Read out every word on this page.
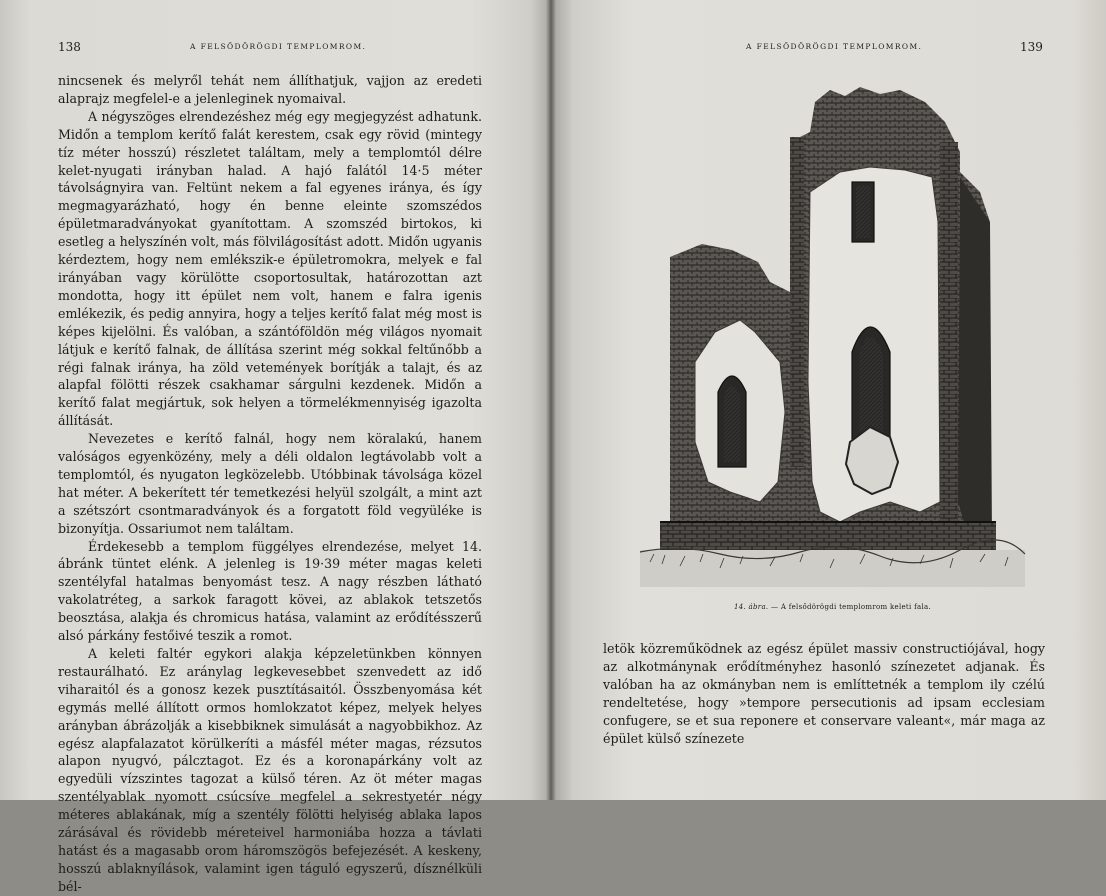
138	A FELSŐDÖRÖGDI TEMPLOMROM.

nincsenek és melyről tehát nem állíthatjuk, vajjon az eredeti alaprajz megfelel-e a jelenleginek nyomaival.

A négyszöges elrendezéshez még egy megjegyzést adhatunk. Midőn a templom kerítő falát kerestem, csak egy rövid (mintegy tíz méter hosszú) részletet találtam, mely a templomtól délre kelet-nyugati irányban halad. A hajó falától 14·5 méter távolságnyira van. Feltünt nekem a fal egyenes iránya, és így megmagyarázható, hogy én benne eleinte szomszédos épületmaradványokat gyanítottam. A szomszéd birtokos, ki esetleg a helyszínén volt, más fölvilágosítást adott. Midőn ugyanis kérdeztem, hogy nem emlékszik-e épületromokra, melyek e fal irányában vagy körülötte csoportosultak, határozottan azt mondotta, hogy itt épület nem volt, hanem e falra igenis emlékezik, és pedig annyira, hogy a teljes kerítő falat még most is képes kijelölni. És valóban, a szántóföldön még világos nyomait látjuk e kerítő falnak, de állítása szerint még sokkal feltűnőbb a régi falnak iránya, ha zöld vetemények borítják a talajt, és az alapfal fölötti részek csakhamar sárgulni kezdenek. Midőn a kerítő falat megjártuk, sok helyen a törmelékmennyiség igazolta állítását.

Nevezetes e kerítő falnál, hogy nem köralakú, hanem valóságos egyenközény, mely a déli oldalon legtávolabb volt a templomtól, és nyugaton legközelebb. Utóbbinak távolsága közel hat méter. A bekerített tér temetkezési helyül szolgált, a mint azt a szétszórt csontmaradványok és a forgatott föld vegyüléke is bizonyítja. Ossariumot nem találtam.

Érdekesebb a templom függélyes elrendezése, melyet 14. ábránk tüntet elénk. A jelenleg is 19·39 méter magas keleti szentélyfal hatalmas benyomást tesz. A nagy részben látható vakolatréteg, a sarkok faragott kövei, az ablakok tetszetős beosztása, alakja és chromicus hatása, valamint az erődítésszerű alsó párkány festőivé teszik a romot.

A keleti faltér egykori alakja képzeletünkben könnyen restaurálható. Ez aránylag legkevesebbet szenvedett az idő viharaitól és a gonosz kezek pusztításaitól. Összbenyomása két egymás mellé állított ormos homlokzatot képez, melyek helyes arányban ábrázolják a kisebbiknek simulását a nagyobbikhoz. Az egész alapfalazatot körülkeríti a másfél méter magas, rézsutos alapon nyugvó, pálcztagot. Ez és a koronapárkány volt az egyedüli vízszintes tagozat a külső téren. Az öt méter magas szentélyablak nyomott csúcsíve megfelel a sekrestyetér négy méteres ablakának, míg a szentély fölötti helyiség ablaka lapos zárásával és rövidebb méreteivel harmoniába hozza a távlati hatást és a magasabb orom háromszögös befejezését. A keskeny, hosszú ablaknyílások, valamint igen táguló egyszerű, dísznélküli bél-

A FELSŐDÖRÖGDI TEMPLOMROM.	139
14. ábra. — A felsődörögdi templomrom keleti fala.

letök közreműködnek az egész épület massiv constructiójával, hogy az alkotmánynak erődítményhez hasonló színezetet adjanak. És valóban ha az okmányban nem is említtetnék a templom ily czélú rendeltetése, hogy »tempore persecutionis ad ipsam ecclesiam confugere, se et sua reponere et conservare valeant«, már maga az épület külső színezete
